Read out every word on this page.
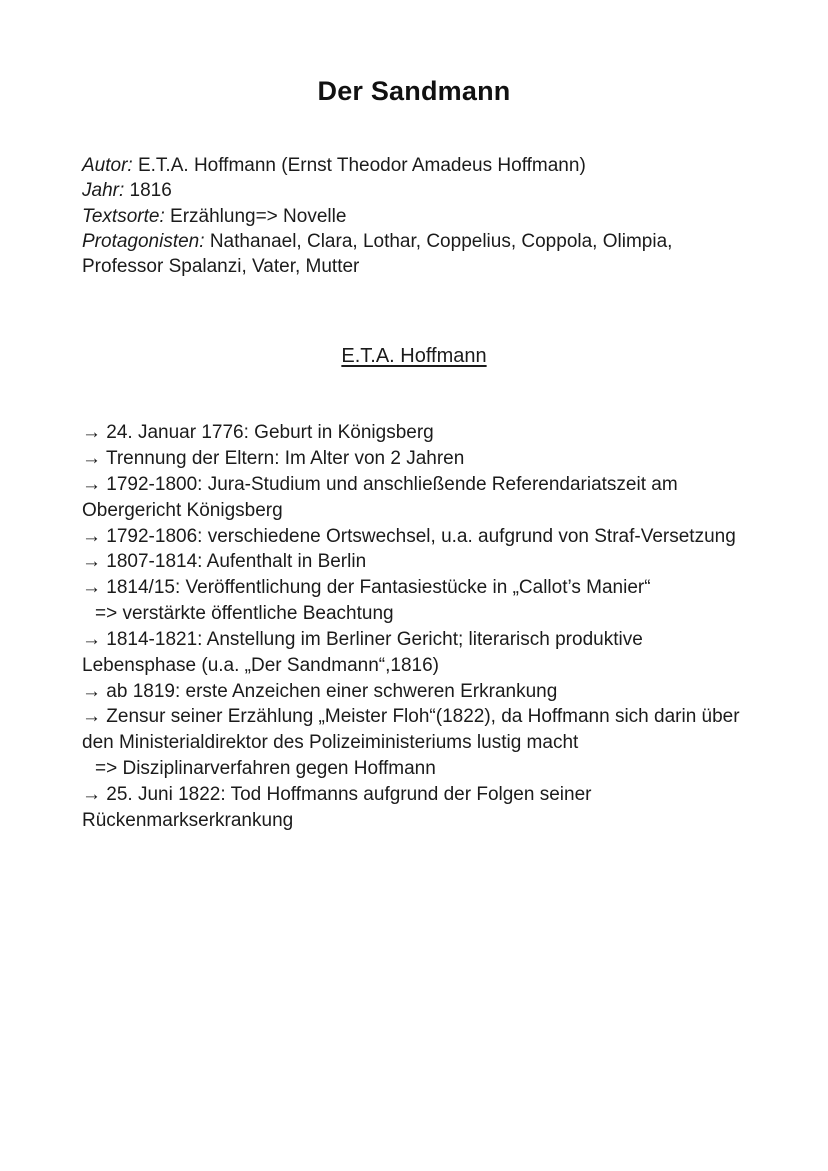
Der Sandmann

Autor: E.T.A. Hoffmann (Ernst Theodor Amadeus Hoffmann)

Jahr: 1816

Textsorte: Erzählung=> Novelle

Protagonisten: Nathanael, Clara, Lothar, Coppelius, Coppola, Olimpia, Professor Spalanzi, Vater, Mutter

E.T.A. Hoffmann
→ 24. Januar 1776: Geburt in Königsberg
→ Trennung der Eltern: Im Alter von 2 Jahren
→ 1792-1800: Jura-Studium und anschließende Referendariatszeit am Obergericht Königsberg
→ 1792-1806: verschiedene Ortswechsel, u.a. aufgrund von Straf-Versetzung
→ 1807-1814: Aufenthalt in Berlin
→ 1814/15: Veröffentlichung der Fantasiestücke in „Callot’s Manier“
=> verstärkte öffentliche Beachtung
→ 1814-1821: Anstellung im Berliner Gericht; literarisch produktive Lebensphase (u.a. „Der Sandmann“,1816)
→ ab 1819: erste Anzeichen einer schweren Erkrankung
→ Zensur seiner Erzählung „Meister Floh“(1822), da Hoffmann sich darin über den Ministerialdirektor des Polizeiministeriums lustig macht
=> Disziplinarverfahren gegen Hoffmann
→ 25. Juni 1822: Tod Hoffmanns aufgrund der Folgen seiner Rückenmarkserkrankung
